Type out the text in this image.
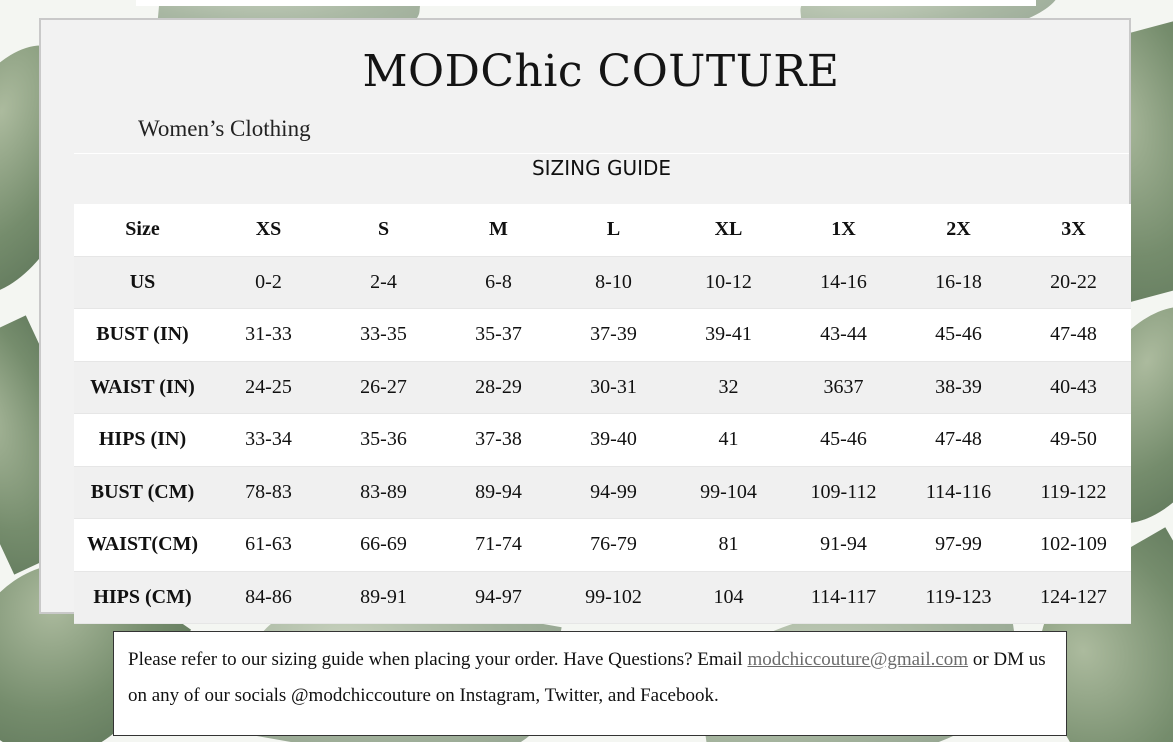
MODChic COUTURE
Women’s Clothing
SIZING GUIDE
Size	XS	S	M	L	XL	1X	2X	3X
US	0-2	2-4	6-8	8-10	10-12	14-16	16-18	20-22
BUST (IN)	31-33	33-35	35-37	37-39	39-41	43-44	45-46	47-48
WAIST (IN)	24-25	26-27	28-29	30-31	32	3637	38-39	40-43
HIPS (IN)	33-34	35-36	37-38	39-40	41	45-46	47-48	49-50
BUST (CM)	78-83	83-89	89-94	94-99	99-104	109-112	114-116	119-122
WAIST(CM)	61-63	66-69	71-74	76-79	81	91-94	97-99	102-109
HIPS (CM)	84-86	89-91	94-97	99-102	104	114-117	119-123	124-127
Please refer to our sizing guide when placing your order. Have Questions? Email modchiccouture@gmail.com or DM us on any of our socials @modchiccouture on Instagram, Twitter, and Facebook.
